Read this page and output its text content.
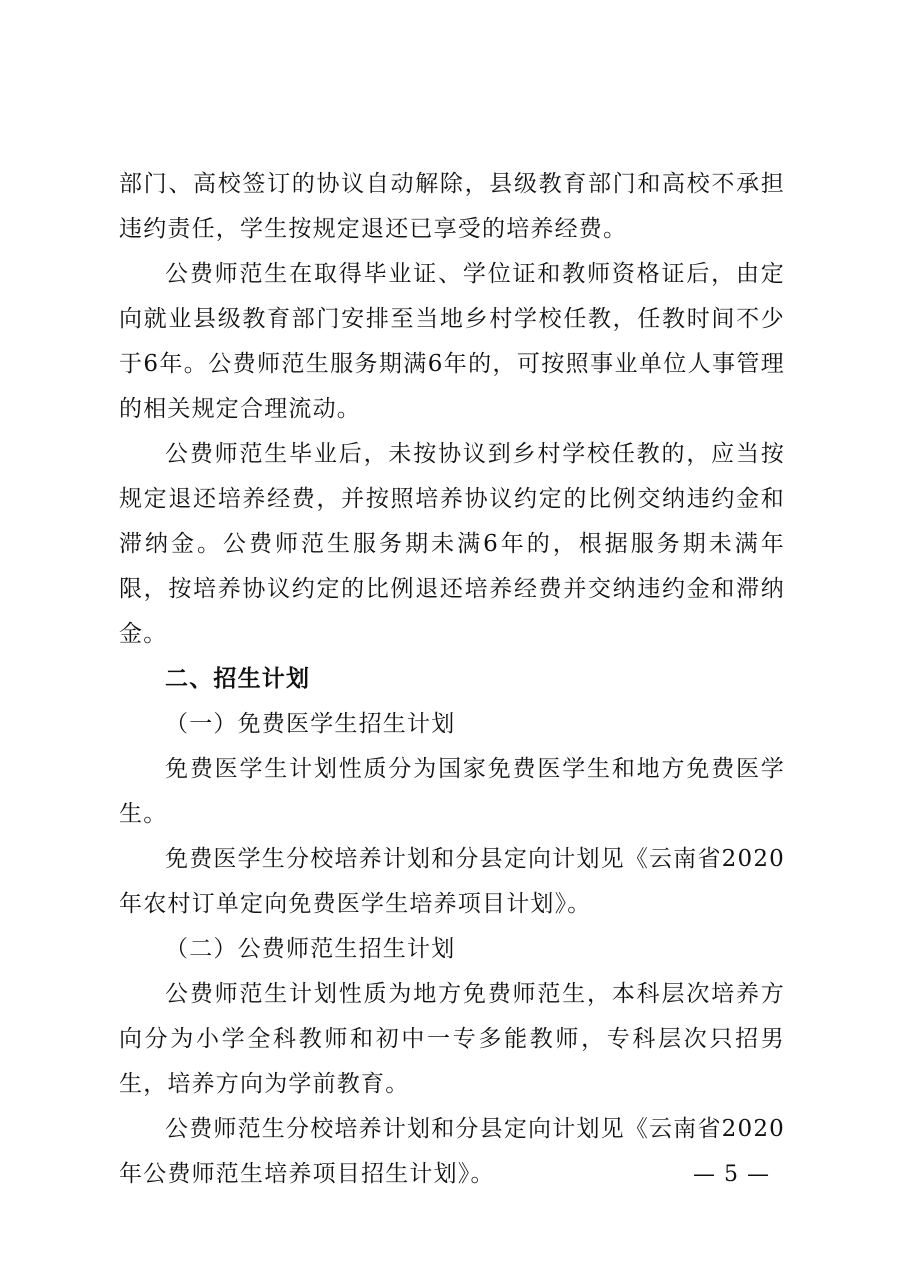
部门、高校签订的协议自动解除，县级教育部门和高校不承担违约责任，学生按规定退还已享受的培养经费。

公费师范生在取得毕业证、学位证和教师资格证后，由定向就业县级教育部门安排至当地乡村学校任教，任教时间不少于6年。公费师范生服务期满6年的，可按照事业单位人事管理的相关规定合理流动。

公费师范生毕业后，未按协议到乡村学校任教的，应当按规定退还培养经费，并按照培养协议约定的比例交纳违约金和滞纳金。公费师范生服务期未满6年的，根据服务期未满年限，按培养协议约定的比例退还培养经费并交纳违约金和滞纳金。

二、招生计划

（一）免费医学生招生计划

免费医学生计划性质分为国家免费医学生和地方免费医学生。

免费医学生分校培养计划和分县定向计划见《云南省2020年农村订单定向免费医学生培养项目计划》。

（二）公费师范生招生计划

公费师范生计划性质为地方免费师范生，本科层次培养方向分为小学全科教师和初中一专多能教师，专科层次只招男生，培养方向为学前教育。

公费师范生分校培养计划和分县定向计划见《云南省2020年公费师范生培养项目招生计划》。	— 5 —
